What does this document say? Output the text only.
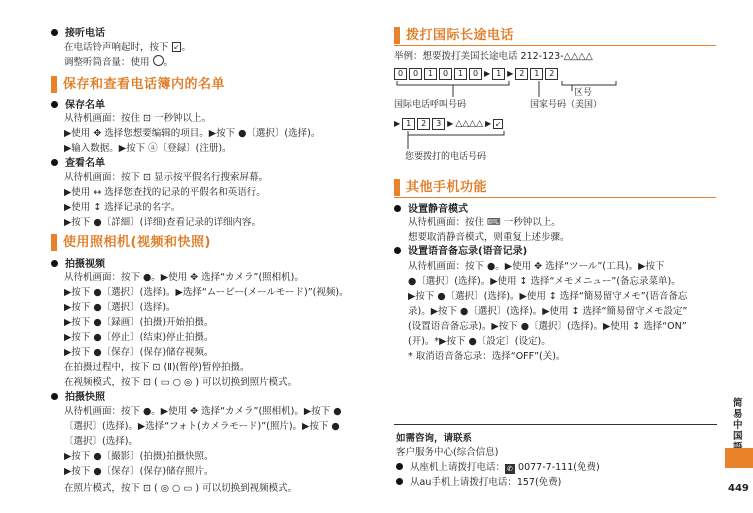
接听电话
在电话铃声响起时，按下 ↙ 。
调整听筒音量：使用 。
保存和查看电话簿内的名单
保存名单
从待机画面：按住 ⊡ 一秒钟以上。
▶使用 ✥ 选择您想要编辑的项目。▶按下 ●〔選択〕(选择)。
▶输入数据。▶按下 ⓐ〔登録〕(注册)。
查看名单
从待机画面：按下 ⊡ 显示按平假名行搜索屏幕。
▶使用 ↔ 选择您查找的记录的平假名和英语行。
▶使用 ↕ 选择记录的名字。
▶按下 ●〔詳細〕(详细)查看记录的详细内容。
使用照相机(视频和快照)
拍摄视频
从待机画面：按下 ●。▶使用 ✥ 选择“カメラ”(照相机)。
▶按下 ●〔選択〕(选择)。▶选择“ムービー(メールモード)”(视频)。
▶按下 ●〔選択〕(选择)。
▶按下 ●〔録画〕(拍摄)开始拍摄。
▶按下 ●〔停止〕(结束)停止拍摄。
▶按下 ●〔保存〕(保存)储存视频。
在拍摄过程中，按下 ⊡ (Ⅱ)(暂停)暂停拍摄。
在视频模式，按下 ⊡ ( ▭ ○ ◎ ) 可以切换到照片模式。
拍摄快照
从待机画面：按下 ●。▶使用 ✥ 选择“カメラ”(照相机)。▶按下 ●
〔選択〕(选择)。▶选择“フォト(カメラモード)”(照片)。▶按下 ●
〔選択〕(选择)。
▶按下 ●〔撮影〕(拍摄)拍摄快照。
▶按下 ●〔保存〕(保存)储存照片。
在照片模式，按下 ⊡ ( ◎ ○ ▭ ) 可以切换到视频模式。
拨打国际长途电话
举例：想要拨打美国长途电话 212-123-△△△△
0	0	1	0	1	0 ▶ 1 ▶ 2	1	2
区号
国际电话呼叫号码	国家号码（美国）
▶ 1	2	3 ▶ △△△△ ▶ ↙
您要拨打的电话号码
其他手机功能
设置静音模式
从待机画面：按住 ⌨ 一秒钟以上。
想要取消静音模式，则重复上述步骤。
设置语音备忘录(语音记录)
从待机画面：按下 ●。▶使用 ✥ 选择“ツール”(工具)。▶按下
●〔選択〕(选择)。▶使用 ↕ 选择“メモメニュー”(备忘录菜单)。
▶按下 ●〔選択〕(选择)。▶使用 ↕ 选择“簡易留守メモ”(语音备忘
录)。▶按下 ●〔選択〕(选择)。▶使用 ↕ 选择“簡易留守メモ設定”
(设置语音备忘录)。▶按下 ●〔選択〕(选择)。▶使用 ↕ 选择“ON”
(开)。*▶按下 ●〔設定〕(设定)。
* 取消语音备忘录：选择“OFF”(关)。
如需咨询，请联系
客户服务中心(综合信息)
从座机上请拨打电话： ✆ 0077-7-111(免费)
从au手机上请拨打电话：157(免费)
简易中国
449
